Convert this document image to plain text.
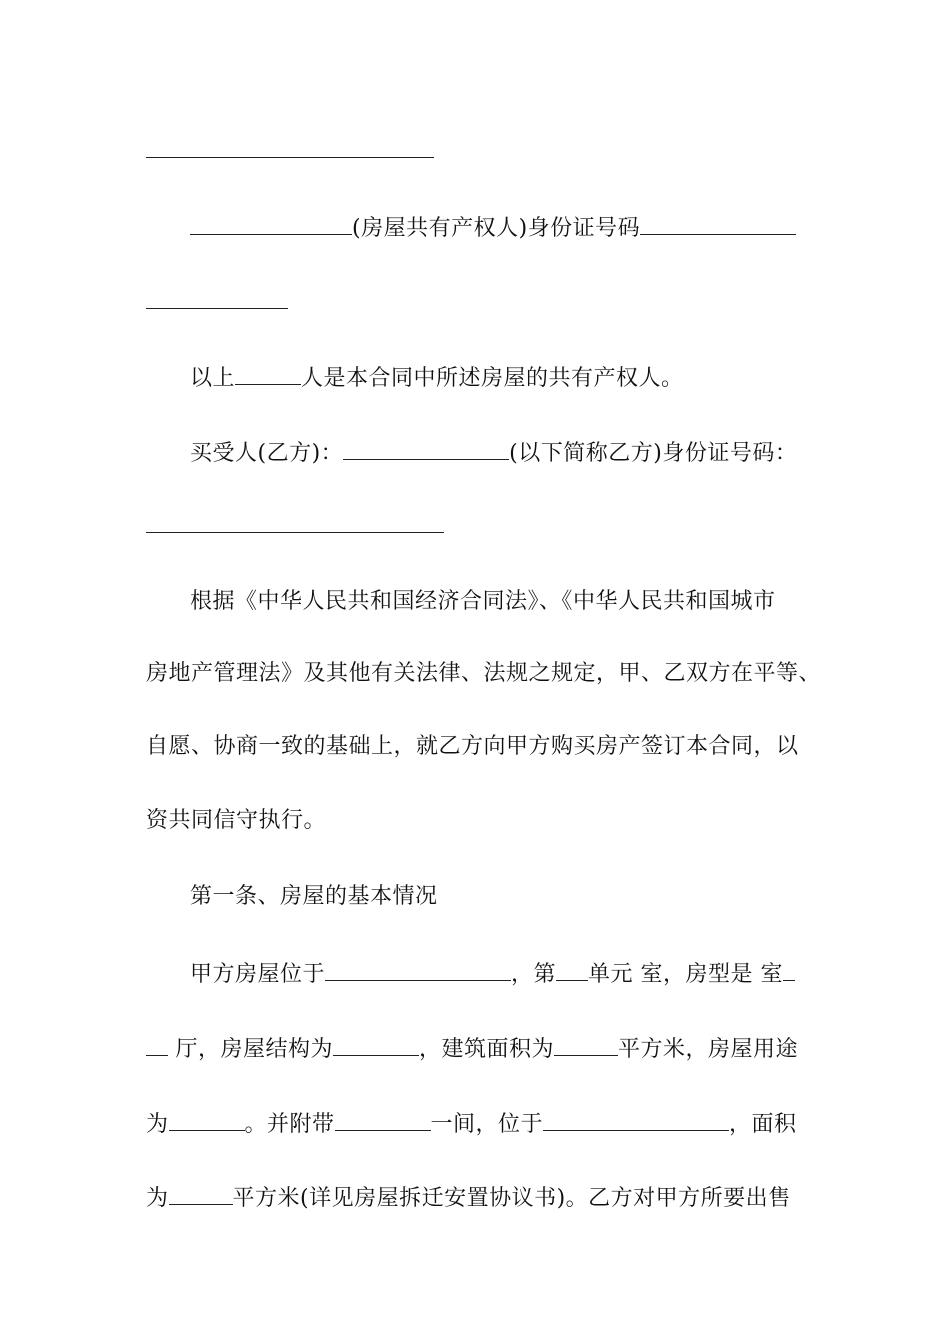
(房屋共有产权人)身份证号码
以上	人是本合同中所述房屋的共有产权人。
买受人(乙方)：	(以下简称乙方)身份证号码：
根据《中华人民共和国经济合同法》、《中华人民共和国城市
房地产管理法》及其他有关法律、法规之规定，甲、乙双方在平等、
自愿、协商一致的基础上，就乙方向甲方购买房产签订本合同，以
资共同信守执行。
第一条、房屋的基本情况
甲方房屋位于	，第 单元 室，房型是 室
厅，房屋结构为	，建筑面积为	平方米，房屋用途
为	。并附带	一间，位于	，面积
为	平方米(详见房屋拆迁安置协议书)。乙方对甲方所要出售
